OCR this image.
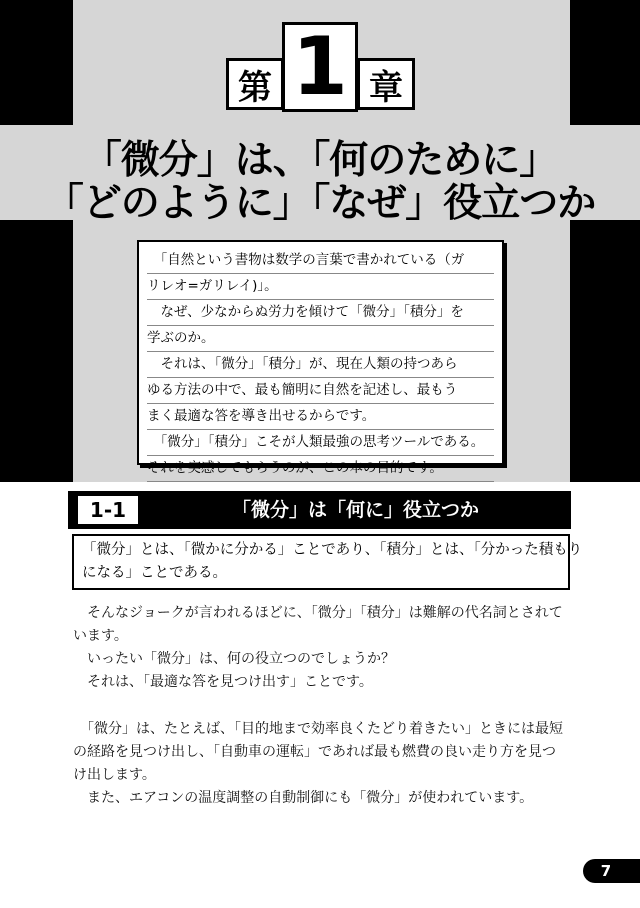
第 1 章
「微分」は、「何のために」
「どのように」「なぜ」役立つか
　「自然という書物は数学の言葉で書かれている（ガ
リレオ=ガリレイ)」。
　なぜ、少なからぬ労力を傾けて「微分」「積分」を
学ぶのか。
　それは、「微分」「積分」が、現在人類の持つあら
ゆる方法の中で、最も簡明に自然を記述し、最もう
まく最適な答を導き出せるからです。
　「微分」「積分」こそが人類最強の思考ツールである。
それを実感してもらうのが、この本の目的です。
1-1	「微分」は「何に」役立つか
「微分」とは、「微かに分かる」ことであり、「積分」とは、「分かった積もり
になる」ことである。
　そんなジョークが言われるほどに、「微分」「積分」は難解の代名詞とされて
います。
　いったい「微分」は、何の役立つのでしょうか？
　それは、「最適な答を見つけ出す」ことです。
　「微分」は、たとえば、「目的地まで効率良くたどり着きたい」ときには最短
の経路を見つけ出し、「自動車の運転」であれば最も燃費の良い走り方を見つ
け出します。
　また、エアコンの温度調整の自動制御にも「微分」が使われています。
7
